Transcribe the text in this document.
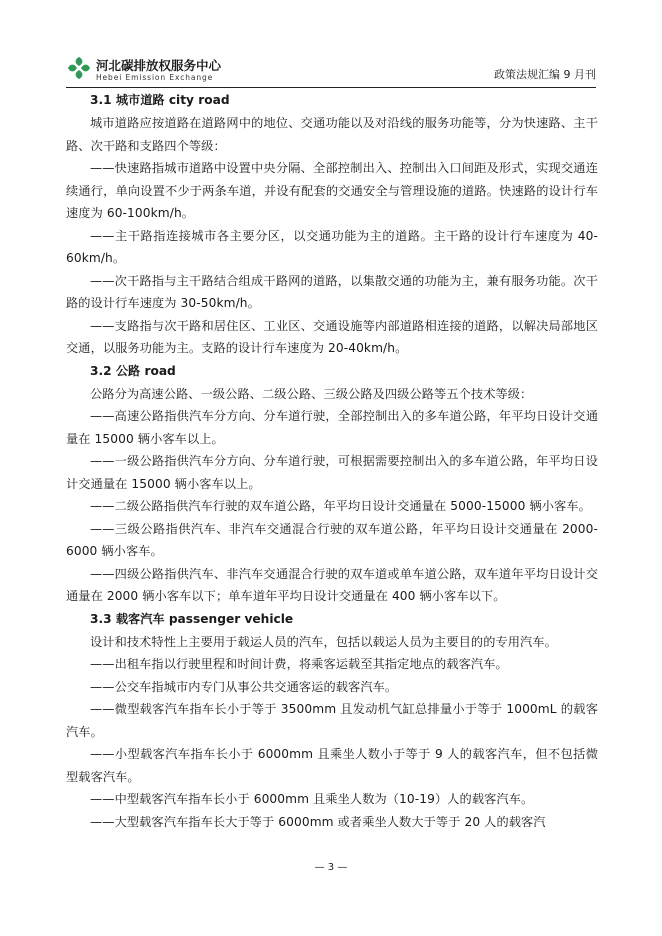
河北碳排放权服务中心
Hebei Emission Exchange	政策法规汇编 9 月刊
3.1 城市道路 city road

城市道路应按道路在道路网中的地位、交通功能以及对沿线的服务功能等，分为快速路、主干路、次干路和支路四个等级：

——快速路指城市道路中设置中央分隔、全部控制出入、控制出入口间距及形式，实现交通连续通行，单向设置不少于两条车道，并设有配套的交通安全与管理设施的道路。快速路的设计行车速度为 60-100km/h。

——主干路指连接城市各主要分区，以交通功能为主的道路。主干路的设计行车速度为 40-60km/h。

——次干路指与主干路结合组成干路网的道路，以集散交通的功能为主，兼有服务功能。次干路的设计行车速度为 30-50km/h。

——支路指与次干路和居住区、工业区、交通设施等内部道路相连接的道路，以解决局部地区交通，以服务功能为主。支路的设计行车速度为 20-40km/h。

3.2 公路 road

公路分为高速公路、一级公路、二级公路、三级公路及四级公路等五个技术等级：

——高速公路指供汽车分方向、分车道行驶，全部控制出入的多车道公路，年平均日设计交通量在 15000 辆小客车以上。

——一级公路指供汽车分方向、分车道行驶，可根据需要控制出入的多车道公路，年平均日设计交通量在 15000 辆小客车以上。

——二级公路指供汽车行驶的双车道公路，年平均日设计交通量在 5000-15000 辆小客车。

——三级公路指供汽车、非汽车交通混合行驶的双车道公路，年平均日设计交通量在 2000-6000 辆小客车。

——四级公路指供汽车、非汽车交通混合行驶的双车道或单车道公路，双车道年平均日设计交通量在 2000 辆小客车以下；单车道年平均日设计交通量在 400 辆小客车以下。

3.3 载客汽车 passenger vehicle

设计和技术特性上主要用于载运人员的汽车，包括以载运人员为主要目的的专用汽车。

——出租车指以行驶里程和时间计费，将乘客运载至其指定地点的载客汽车。

——公交车指城市内专门从事公共交通客运的载客汽车。

——微型载客汽车指车长小于等于 3500mm 且发动机气缸总排量小于等于 1000mL 的载客汽车。

——小型载客汽车指车长小于 6000mm 且乘坐人数小于等于 9 人的载客汽车，但不包括微型载客汽车。

——中型载客汽车指车长小于 6000mm 且乘坐人数为（10-19）人的载客汽车。

——大型载客汽车指车长大于等于 6000mm 或者乘坐人数大于等于 20 人的载客汽

— 3 —
